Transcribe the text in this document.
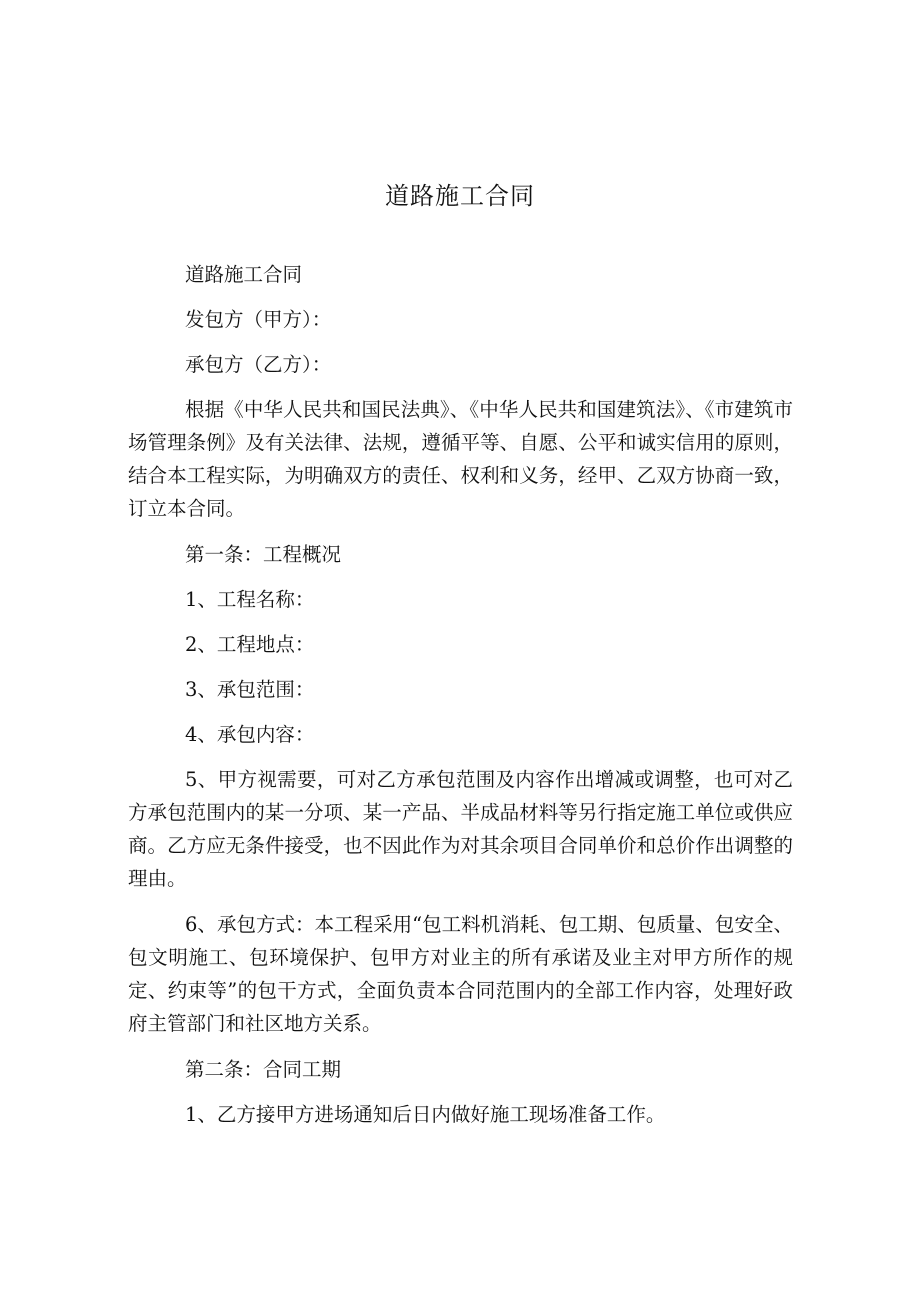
道路施工合同

道路施工合同

发包方（甲方）：

承包方（乙方）：

根据《中华人民共和国民法典》、《中华人民共和国建筑法》、《市建筑市场管理条例》及有关法律、法规，遵循平等、自愿、公平和诚实信用的原则，结合本工程实际，为明确双方的责任、权利和义务，经甲、乙双方协商一致，订立本合同。

第一条：工程概况

1、工程名称：

2、工程地点：

3、承包范围：

4、承包内容：

5、甲方视需要，可对乙方承包范围及内容作出增减或调整，也可对乙方承包范围内的某一分项、某一产品、半成品材料等另行指定施工单位或供应商。乙方应无条件接受，也不因此作为对其余项目合同单价和总价作出调整的理由。

6、承包方式：本工程采用“包工料机消耗、包工期、包质量、包安全、包文明施工、包环境保护、包甲方对业主的所有承诺及业主对甲方所作的规定、约束等”的包干方式，全面负责本合同范围内的全部工作内容，处理好政府主管部门和社区地方关系。

第二条：合同工期

1、乙方接甲方进场通知后日内做好施工现场准备工作。
